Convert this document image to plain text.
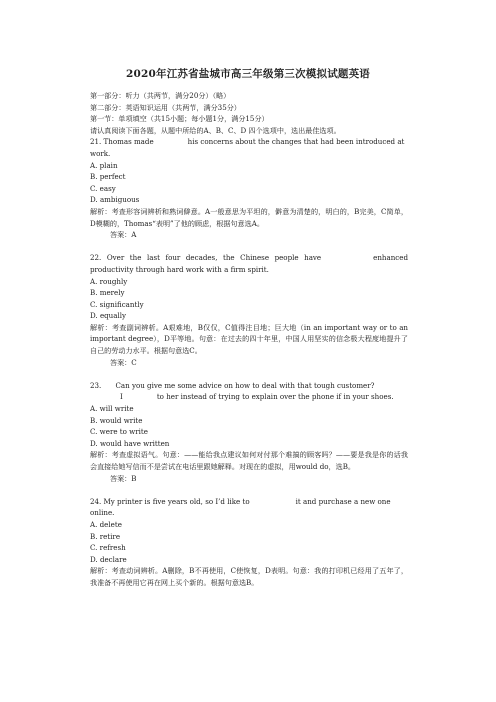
2020年江苏省盐城市高三年级第三次模拟试题英语

第一部分：听力（共两节，满分20分）（略）

第二部分：英语知识运用（共两节，满分35分）

第一节：单项填空（共15小题；每小题1分，满分15分）

请认真阅读下面各题，从题中所给的A、B、C、D 四个选项中，选出最佳选项。

21. Thomas made	his concerns about the changes that had been introduced at work.

A. plain

B. perfect

C. easy

D. ambiguous

解析：考查形容词辨析和熟词僻意。A一般意思为平坦的，僻意为清楚的，明白的，B完美，C简单，D模糊的，Thomas“表明”了他的顾虑，根据句意选A。

答案：A

22. Over the last four decades, the Chinese people have	enhanced productivity through hard work with a firm spirit.

A. roughly

B. merely

C. significantly

D. equally

解析：考查副词辨析。A艰难地，B仅仅，C值得注目地；巨大地（in an important way or to an important degree），D平等地。句意：在过去的四十年里，中国人用坚实的信念极大程度地提升了自己的劳动力水平。根据句意选C。

答案：C

23.　　Can you give me some advice on how to deal with that tough customer?

I	to her instead of trying to explain over the phone if in your shoes.

A. will write

B. would write

C. were to write

D. would have written

解析：考查虚拟语气。句意：——能给我点建议如何对付那个难搞的顾客吗？——要是我是你的话我会直接给她写信而不是尝试在电话里跟她解释。对现在的虚拟，用would do，选B。

答案：B

24. My printer is five years old, so I’d like to	it and purchase a new one online.

A. delete

B. retire

C. refresh

D. declare

解析：考查动词辨析。A删除，B不再使用，C使恢复，D表明。句意：我的打印机已经用了五年了，我准备不再使用它再在网上买个新的。根据句意选B。
